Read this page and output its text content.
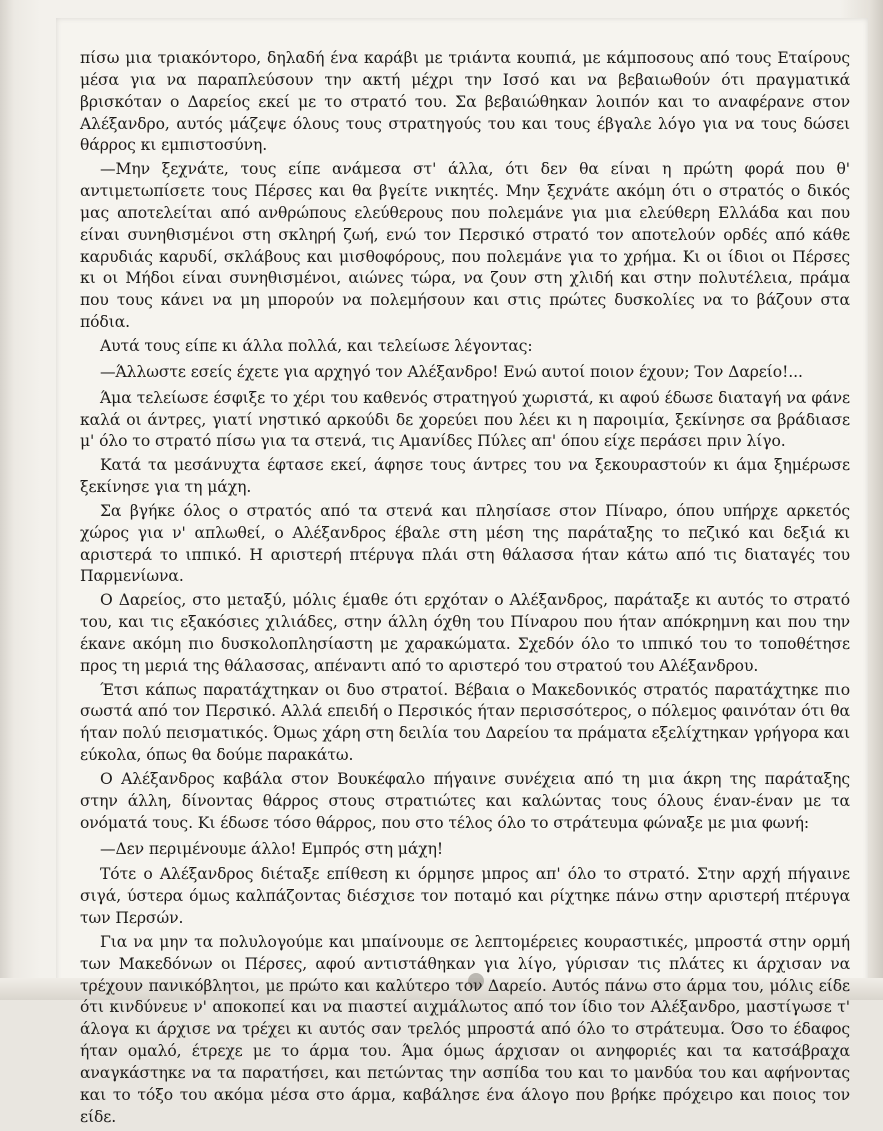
πίσω μια τριακόντορο, δηλαδή ένα καράβι με τριάντα κουπιά, με κάμποσους από τους Εταίρους μέσα για να παραπλεύσουν την ακτή μέχρι την Ισσό και να βεβαιωθούν ότι πραγματικά βρισκόταν ο Δαρείος εκεί με το στρατό του. Σα βεβαιώθηκαν λοιπόν και το αναφέρανε στον Αλέξανδρο, αυτός μάζεψε όλους τους στρατηγούς του και τους έβγαλε λόγο για να τους δώσει θάρρος κι εμπιστοσύνη.

—Μην ξεχνάτε, τους είπε ανάμεσα στ' άλλα, ότι δεν θα είναι η πρώτη φορά που θ' αντιμετωπίσετε τους Πέρσες και θα βγείτε νικητές. Μην ξεχνάτε ακόμη ότι ο στρατός ο δικός μας αποτελείται από ανθρώπους ελεύθερους που πολεμάνε για μια ελεύθερη Ελλάδα και που είναι συνηθισμένοι στη σκληρή ζωή, ενώ τον Περσικό στρατό τον αποτελούν ορδές από κάθε καρυδιάς καρυδί, σκλάβους και μισθοφόρους, που πολεμάνε για το χρήμα. Κι οι ίδιοι οι Πέρσες κι οι Μήδοι είναι συνηθισμένοι, αιώνες τώρα, να ζουν στη χλιδή και στην πολυτέλεια, πράμα που τους κάνει να μη μπορούν να πολεμήσουν και στις πρώτες δυσκολίες να το βάζουν στα πόδια.

Αυτά τους είπε κι άλλα πολλά, και τελείωσε λέγοντας:

—Άλλωστε εσείς έχετε για αρχηγό τον Αλέξανδρο! Ενώ αυτοί ποιον έχουν; Τον Δαρείο!...

Άμα τελείωσε έσφιξε το χέρι του καθενός στρατηγού χωριστά, κι αφού έδωσε διαταγή να φάνε καλά οι άντρες, γιατί νηστικό αρκούδι δε χορεύει που λέει κι η παροιμία, ξεκίνησε σα βράδιασε μ' όλο το στρατό πίσω για τα στενά, τις Αμανίδες Πύλες απ' όπου είχε περάσει πριν λίγο.

Κατά τα μεσάνυχτα έφτασε εκεί, άφησε τους άντρες του να ξεκουραστούν κι άμα ξημέρωσε ξεκίνησε για τη μάχη.

Σα βγήκε όλος ο στρατός από τα στενά και πλησίασε στον Πίναρο, όπου υπήρχε αρκετός χώρος για ν' απλωθεί, ο Αλέξανδρος έβαλε στη μέση της παράταξης το πεζικό και δεξιά κι αριστερά το ιππικό. Η αριστερή πτέρυγα πλάι στη θάλασσα ήταν κάτω από τις διαταγές του Παρμενίωνα.

Ο Δαρείος, στο μεταξύ, μόλις έμαθε ότι ερχόταν ο Αλέξανδρος, παράταξε κι αυτός το στρατό του, και τις εξακόσιες χιλιάδες, στην άλλη όχθη του Πίναρου που ήταν απόκρημνη και που την έκανε ακόμη πιο δυσκολοπλησίαστη με χαρακώματα. Σχεδόν όλο το ιππικό του το τοποθέτησε προς τη μεριά της θάλασσας, απέναντι από το αριστερό του στρατού του Αλέξανδρου.

Έτσι κάπως παρατάχτηκαν οι δυο στρατοί. Βέβαια ο Μακεδονικός στρατός παρατάχτηκε πιο σωστά από τον Περσικό. Αλλά επειδή ο Περσικός ήταν περισσότερος, ο πόλεμος φαινόταν ότι θα ήταν πολύ πεισματικός. Όμως χάρη στη δειλία του Δαρείου τα πράματα εξελίχτηκαν γρήγορα και εύκολα, όπως θα δούμε παρακάτω.

Ο Αλέξανδρος καβάλα στον Βουκέφαλο πήγαινε συνέχεια από τη μια άκρη της παράταξης στην άλλη, δίνοντας θάρρος στους στρατιώτες και καλώντας τους όλους έναν-έναν με τα ονόματά τους. Κι έδωσε τόσο θάρρος, που στο τέλος όλο το στράτευμα φώναξε με μια φωνή:

—Δεν περιμένουμε άλλο! Εμπρός στη μάχη!

Τότε ο Αλέξανδρος διέταξε επίθεση κι όρμησε μπρος απ' όλο το στρατό. Στην αρχή πήγαινε σιγά, ύστερα όμως καλπάζοντας διέσχισε τον ποταμό και ρίχτηκε πάνω στην αριστερή πτέρυγα των Περσών.

Για να μην τα πολυλογούμε και μπαίνουμε σε λεπτομέρειες κουραστικές, μπροστά στην ορμή των Μακεδόνων οι Πέρσες, αφού αντιστάθηκαν για λίγο, γύρισαν τις πλάτες κι άρχισαν να τρέχουν πανικόβλητοι, με πρώτο και καλύτερο τον Δαρείο. Αυτός πάνω στο άρμα του, μόλις είδε ότι κινδύνευε ν' αποκοπεί και να πιαστεί αιχμάλωτος από τον ίδιο τον Αλέξανδρο, μαστίγωσε τ' άλογα κι άρχισε να τρέχει κι αυτός σαν τρελός μπροστά από όλο το στράτευμα. Όσο το έδαφος ήταν ομαλό, έτρεχε με το άρμα του. Άμα όμως άρχισαν οι ανηφοριές και τα κατσάβραχα αναγκάστηκε να τα παρατήσει, και πετώντας την ασπίδα του και το μανδύα του και αφήνοντας και το τόξο του ακόμα μέσα στο άρμα, καβάλησε ένα άλογο που βρήκε πρόχειρο και ποιος τον είδε.
